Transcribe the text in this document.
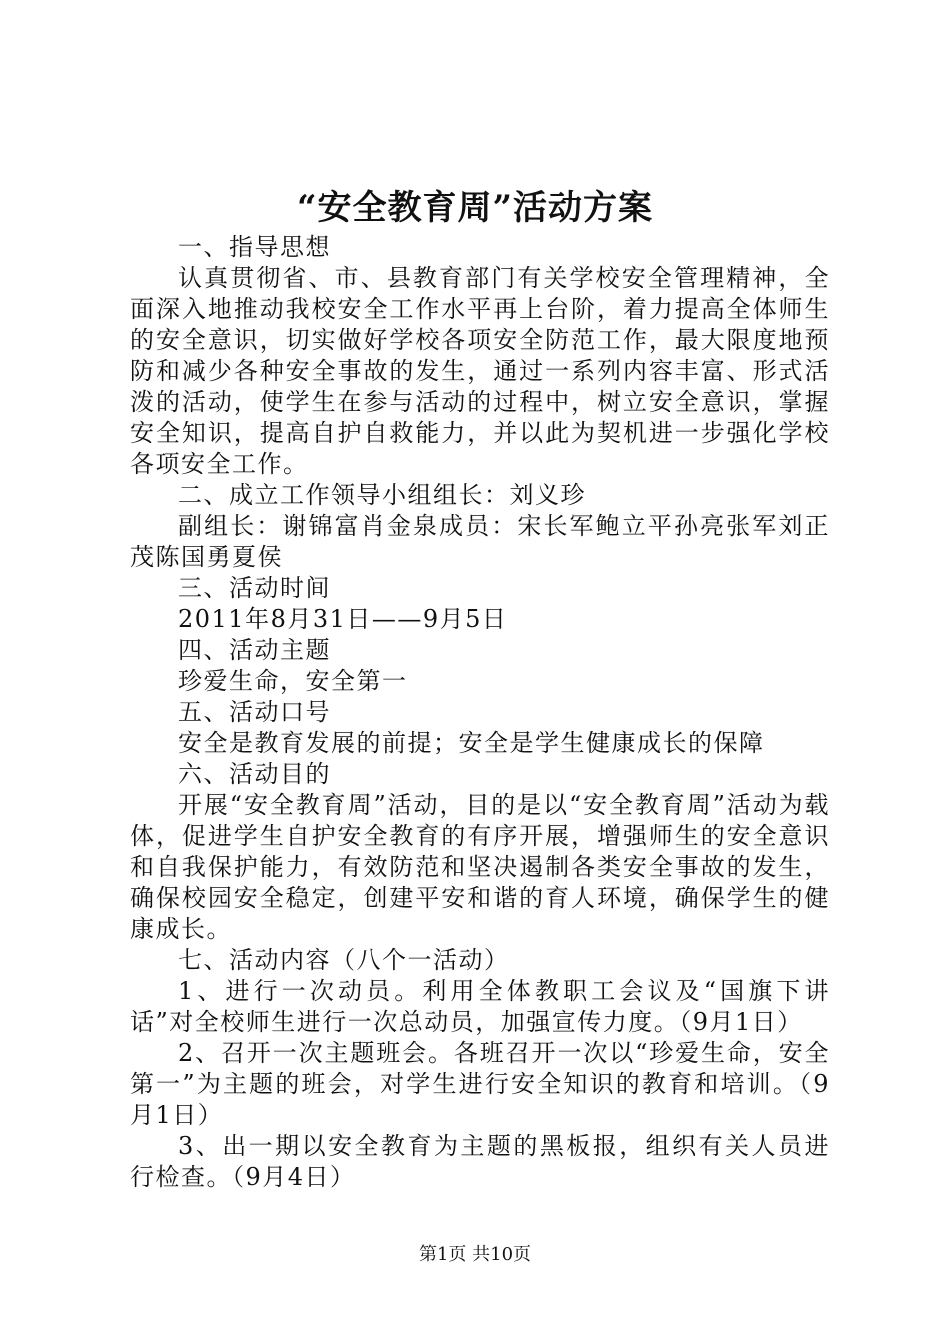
“安全教育周”活动方案

一、指导思想

认真贯彻省、市、县教育部门有关学校安全管理精神，全面深入地推动我校安全工作水平再上台阶，着力提高全体师生的安全意识，切实做好学校各项安全防范工作，最大限度地预防和减少各种安全事故的发生，通过一系列内容丰富、形式活泼的活动，使学生在参与活动的过程中，树立安全意识，掌握安全知识，提高自护自救能力，并以此为契机进一步强化学校各项安全工作。

二、成立工作领导小组组长：刘义珍

副组长：谢锦富肖金泉成员：宋长军鲍立平孙亮张军刘正茂陈国勇夏侯

三、活动时间

2011年8月31日——9月5日

四、活动主题

珍爱生命，安全第一

五、活动口号

安全是教育发展的前提；安全是学生健康成长的保障

六、活动目的

开展“安全教育周”活动，目的是以“安全教育周”活动为载体，促进学生自护安全教育的有序开展，增强师生的安全意识和自我保护能力，有效防范和坚决遏制各类安全事故的发生，确保校园安全稳定，创建平安和谐的育人环境，确保学生的健康成长。

七、活动内容（八个一活动）

1、进行一次动员。利用全体教职工会议及“国旗下讲话”对全校师生进行一次总动员，加强宣传力度。（9月1日）

2、召开一次主题班会。各班召开一次以“珍爱生命，安全第一”为主题的班会，对学生进行安全知识的教育和培训。（9月1日）

3、出一期以安全教育为主题的黑板报，组织有关人员进行检查。（9月4日）

第1页 共10页
